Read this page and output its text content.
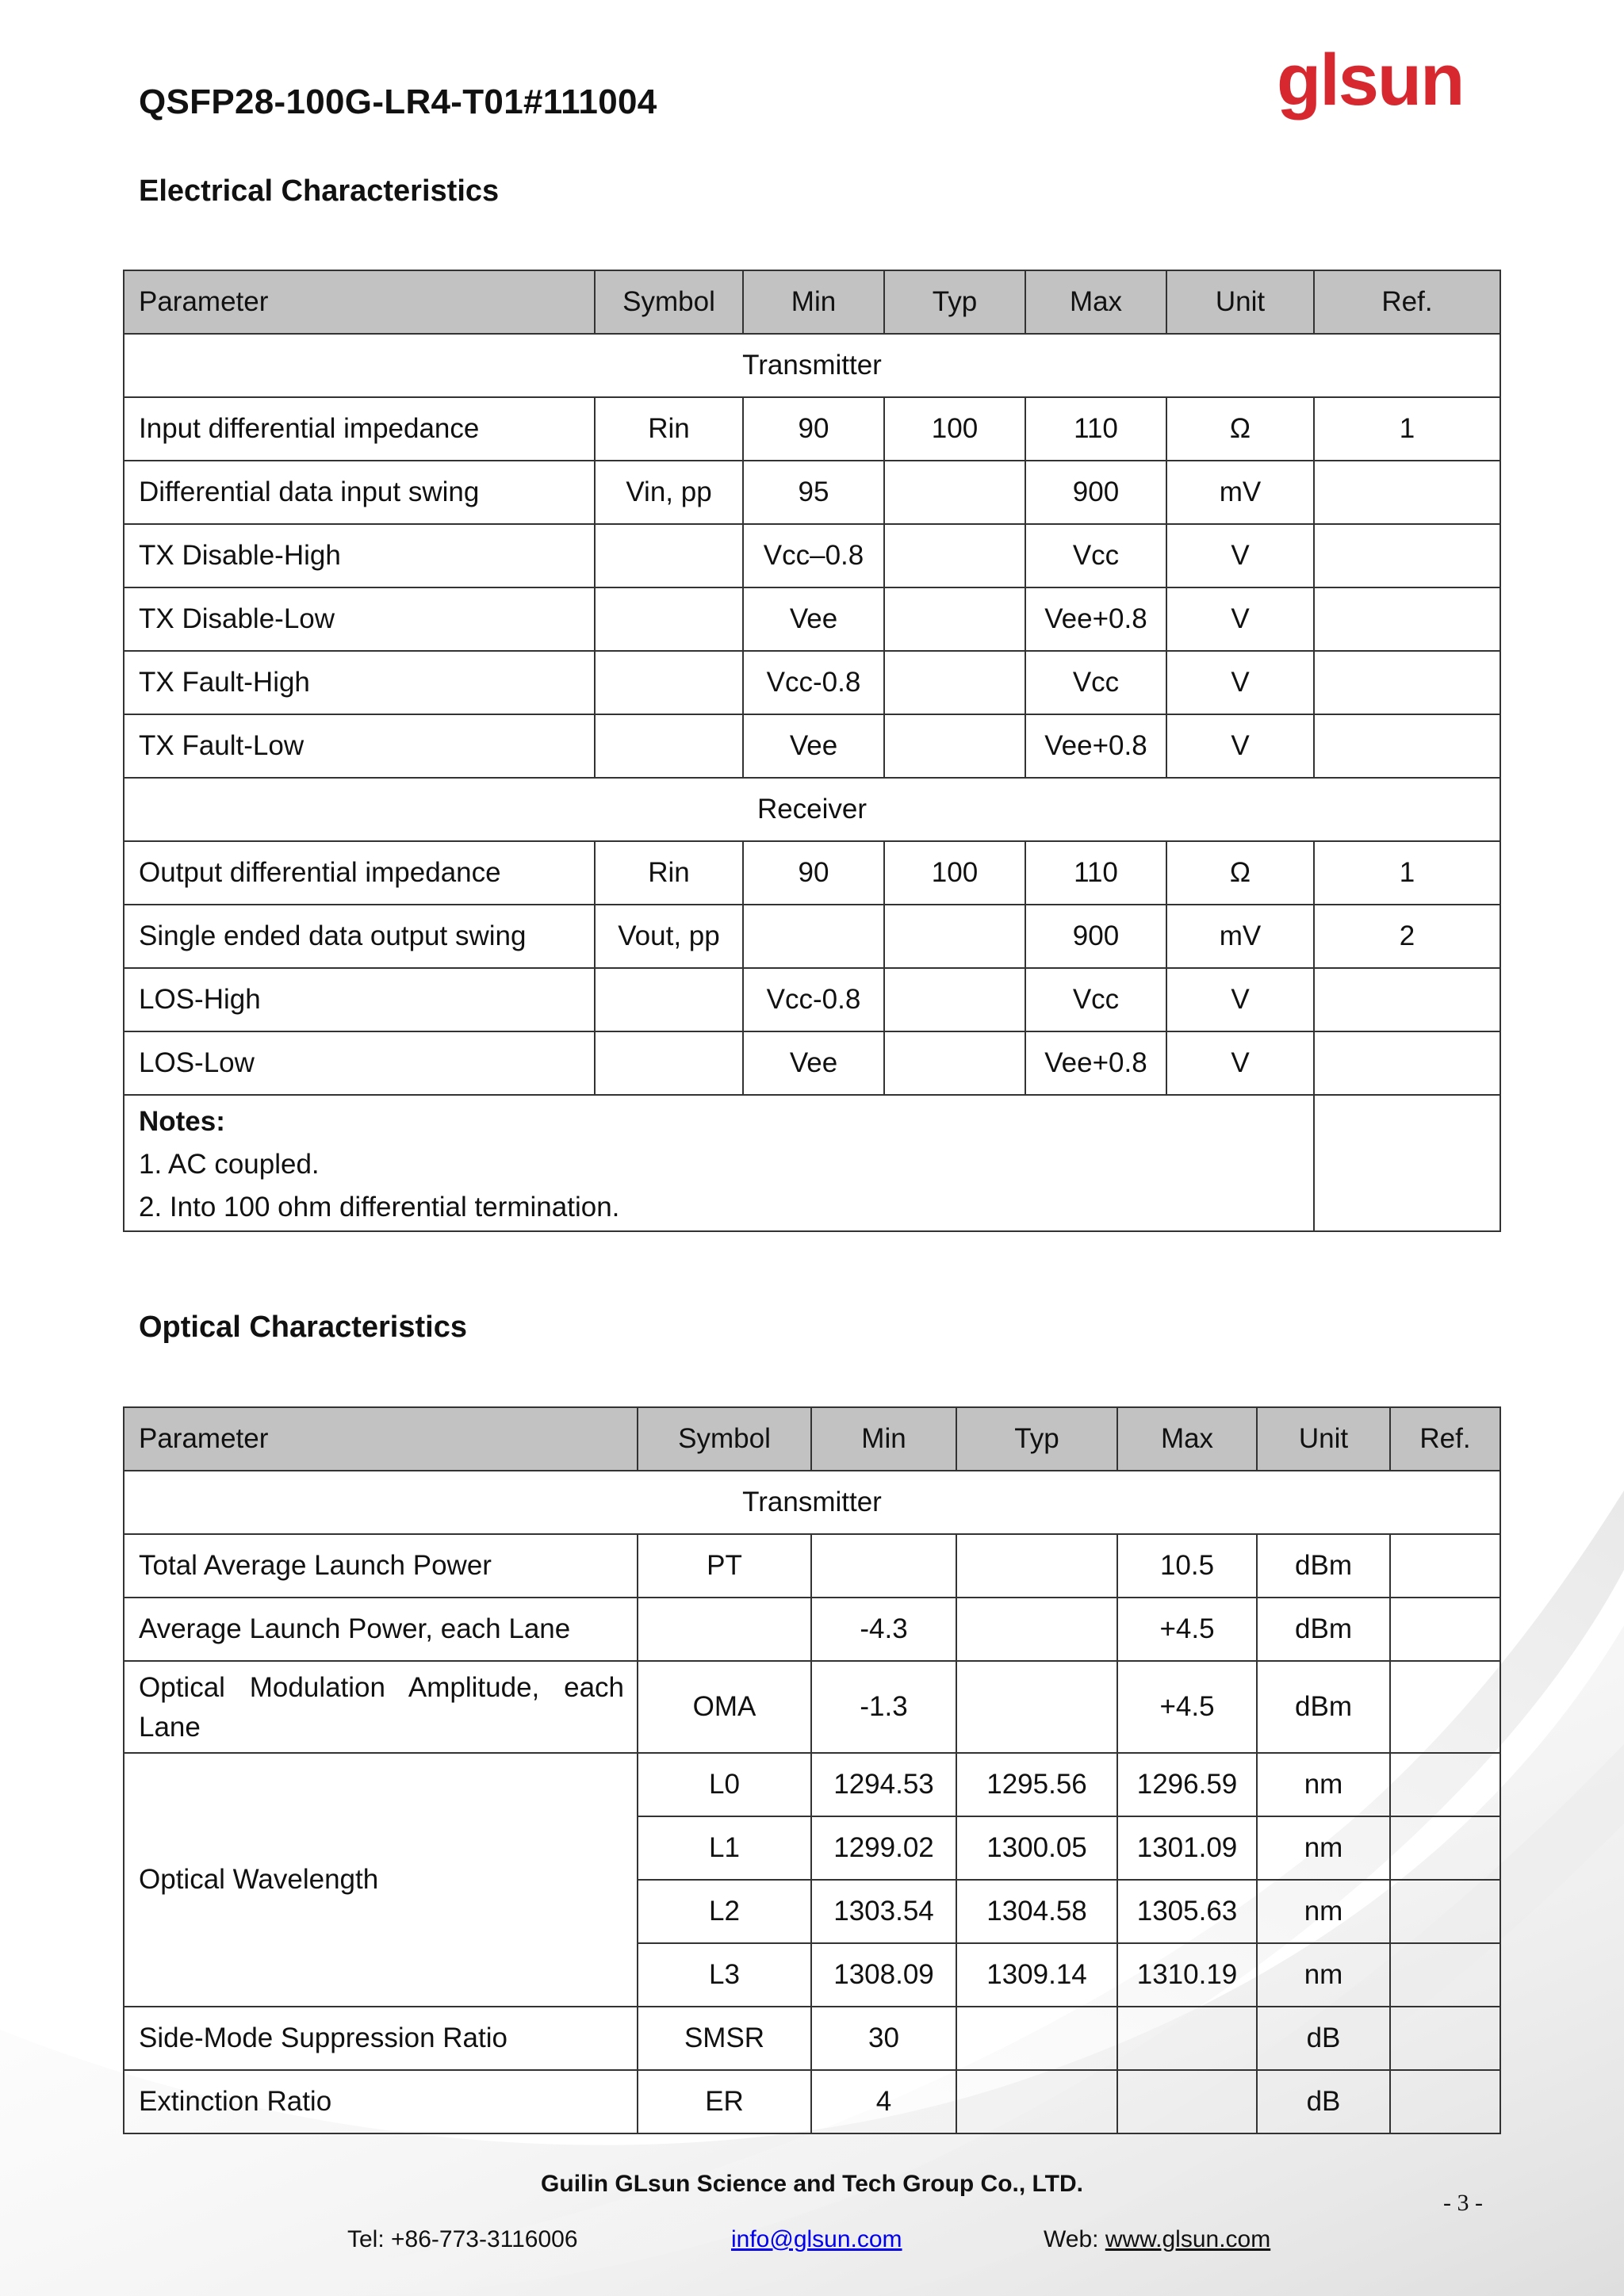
QSFP28-100G-LR4-T01#111004	glsun
Electrical Characteristics
Parameter	Symbol	Min	Typ	Max	Unit	Ref.
Transmitter						
Input differential impedance	Rin	90	100	110	Ω	1
Differential data input swing	Vin, pp	95		900	mV	
TX Disable-High		Vcc–0.8		Vcc	V	
TX Disable-Low		Vee		Vee+0.8	V	
TX Fault-High		Vcc-0.8		Vcc	V	
TX Fault-Low		Vee		Vee+0.8	V	
Receiver						
Output differential impedance	Rin	90	100	110	Ω	1
Single ended data output swing	Vout, pp			900	mV	2
LOS-High		Vcc-0.8		Vcc	V	
LOS-Low		Vee		Vee+0.8	V	

Notes:
1. AC coupled.
2. Into 100 ohm differential termination.						

Optical Characteristics
Parameter	Symbol	Min	Typ	Max	Unit	Ref.
Transmitter						
Total Average Launch Power	PT			10.5	dBm	
Average Launch Power, each Lane		-4.3		+4.5	dBm	
Optical Modulation Amplitude, each Lane	OMA	-1.3		+4.5	dBm	
Optical Wavelength	L0	1294.53	1295.56	1296.59	nm	
	L1	1299.02	1300.05	1301.09	nm	
	L2	1303.54	1304.58	1305.63	nm	
	L3	1308.09	1309.14	1310.19	nm	
Side-Mode Suppression Ratio	SMSR	30			dB	
Extinction Ratio	ER	4			dB	
Guilin GLsun Science and Tech Group Co., LTD.
- 3 -
Tel: +86-773-3116006	info@glsun.com	Web: www.glsun.com
